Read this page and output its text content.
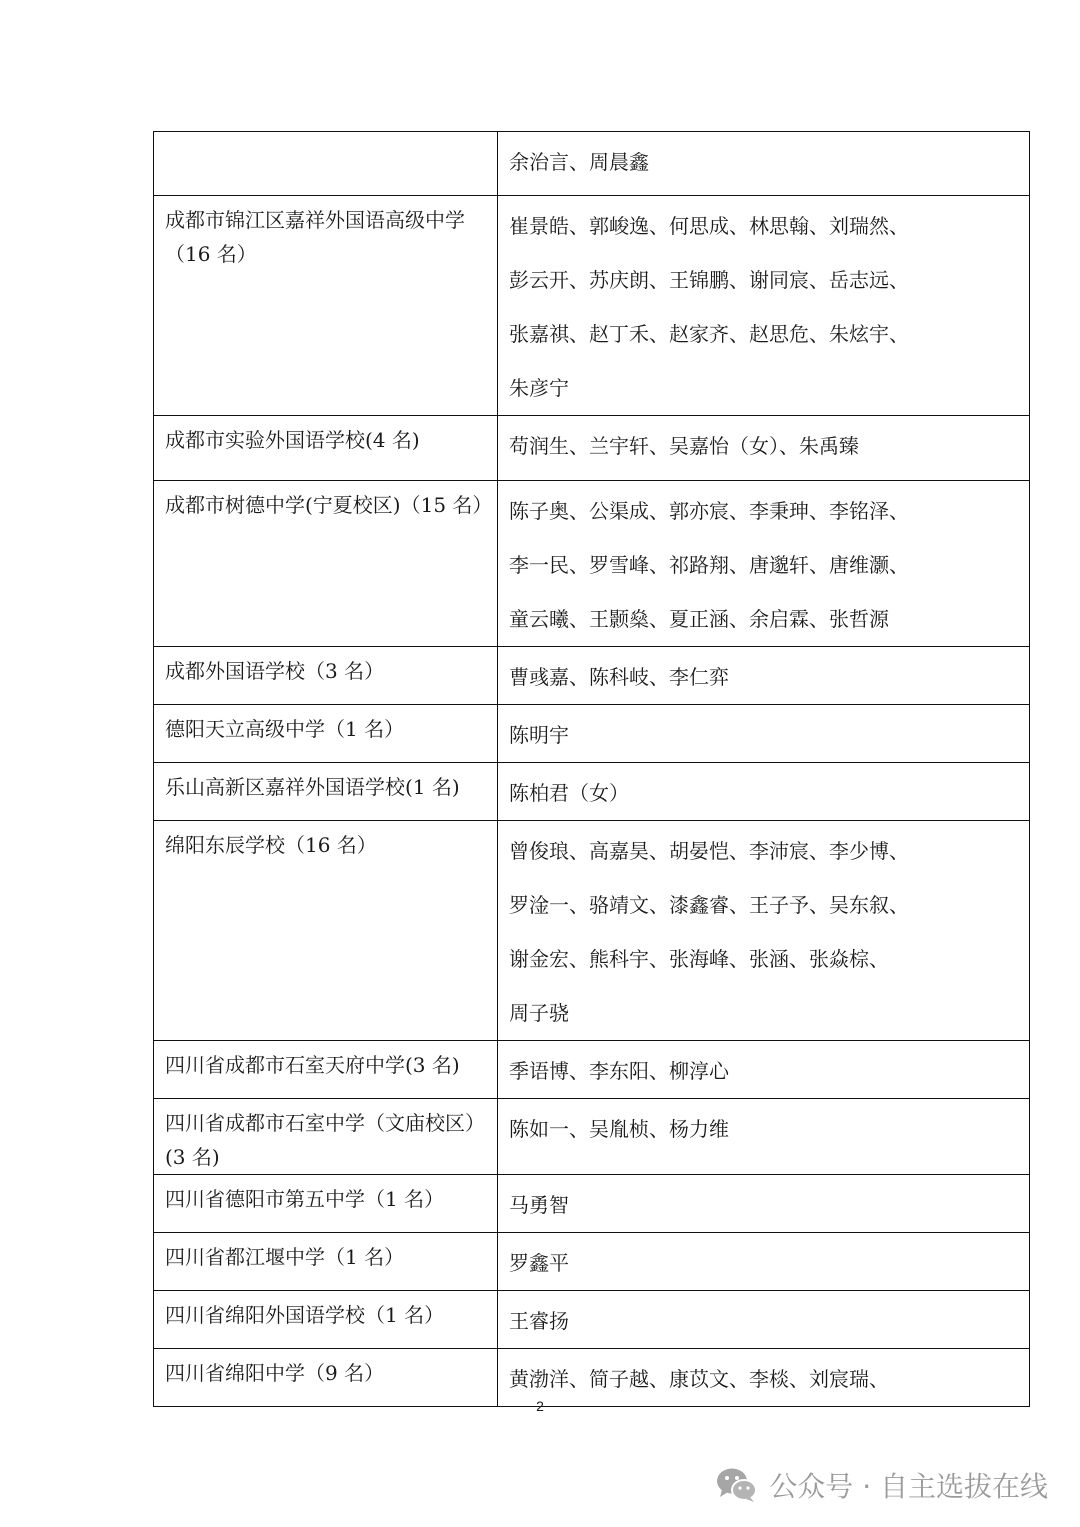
	余治言、周晨鑫

成都市锦江区嘉祥外国语高级中学（16 名）	崔景皓、郭峻逸、何思成、林思翰、刘瑞然、
彭云开、苏庆朗、王锦鹏、谢同宸、岳志远、
张嘉祺、赵丁禾、赵家齐、赵思危、朱炫宇、
朱彦宁

成都市实验外国语学校(4 名)	苟润生、兰宇轩、吴嘉怡（女）、朱禹臻

成都市树德中学(宁夏校区)（15 名）	陈子奥、公渠成、郭亦宸、李秉珅、李铭泽、
李一民、罗雪峰、祁路翔、唐邈轩、唐维灏、
童云曦、王颢燊、夏正涵、余启霖、张哲源

成都外国语学校（3 名）	曹彧嘉、陈科岐、李仁弈

德阳天立高级中学（1 名）	陈明宇

乐山高新区嘉祥外国语学校(1 名)	陈柏君（女）

绵阳东辰学校（16 名）	曾俊琅、高嘉昊、胡晏恺、李沛宸、李少博、
罗淦一、骆靖文、漆鑫睿、王子予、吴东叙、
谢金宏、熊科宇、张海峰、张涵、张焱棕、
周子骁

四川省成都市石室天府中学(3 名)	季语博、李东阳、柳淳心

四川省成都市石室中学（文庙校区）(3 名)	陈如一、吴胤桢、杨力维

四川省德阳市第五中学（1 名）	马勇智

四川省都江堰中学（1 名）	罗鑫平

四川省绵阳外国语学校（1 名）	王睿扬

四川省绵阳中学（9 名）	黄渤洋、简子越、康苡文、李棪、刘宸瑞、
2
公众号 · 自主选拔在线
